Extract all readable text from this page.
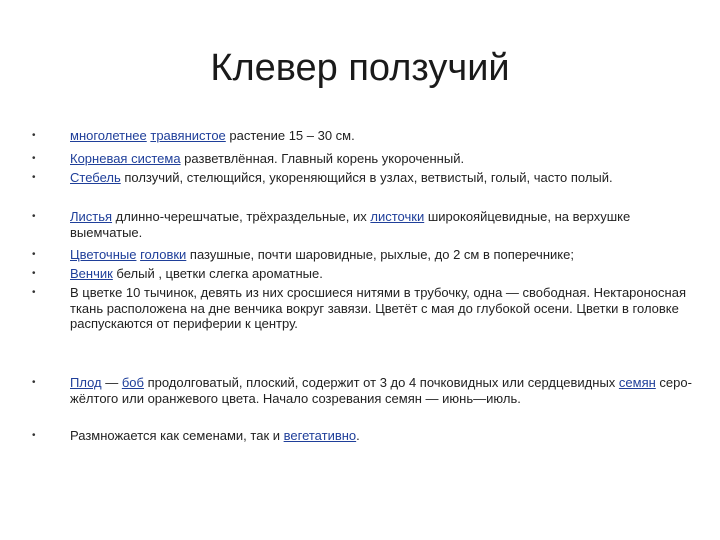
Клевер ползучий
•	многолетнее травянистое растение 15 – 30 см.
•	Корневая система разветвлённая. Главный корень укороченный.
•	Стебель ползучий, стелющийся, укореняющийся в узлах, ветвистый, голый, часто полый.
•	Листья длинно-черешчатые, трёхраздельные, их листочки широкояйцевидные, на верхушке выемчатые.
•	Цветочные головки пазушные, почти шаровидные, рыхлые, до 2 см в поперечнике;
•	Венчик белый , цветки слегка ароматные.
•	В цветке 10 тычинок, девять из них сросшиеся нитями в трубочку, одна — свободная. Нектароносная ткань расположена на дне венчика вокруг завязи. Цветёт с мая до глубокой осени. Цветки в головке распускаются от периферии к центру.
•	Плод — боб продолговатый, плоский, содержит от 3 до 4 почковидных или сердцевидных семян серо-жёлтого или оранжевого цвета. Начало созревания семян — июнь—июль.
•	Размножается как семенами, так и вегетативно.
